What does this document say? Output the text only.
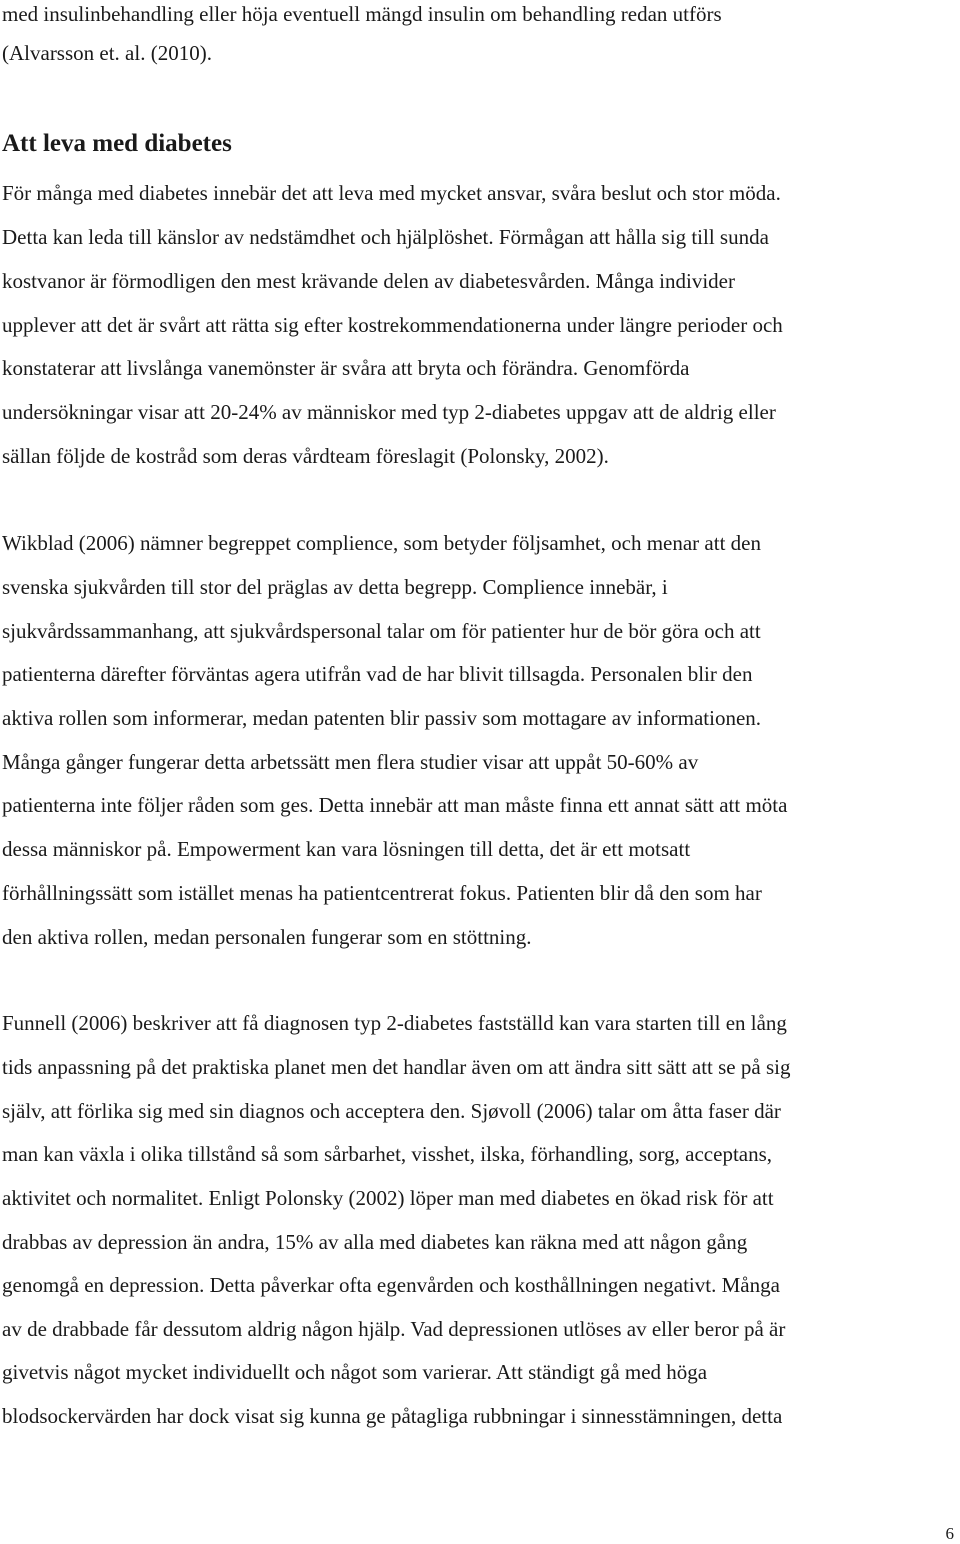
med insulinbehandling eller höja eventuell mängd insulin om behandling redan utförs
(Alvarsson et. al. (2010).
Att leva med diabetes
För många med diabetes innebär det att leva med mycket ansvar, svåra beslut och stor möda.
Detta kan leda till känslor av nedstämdhet och hjälplöshet. Förmågan att hålla sig till sunda
kostvanor är förmodligen den mest krävande delen av diabetesvården. Många individer
upplever att det är svårt att rätta sig efter kostrekommendationerna under längre perioder och
konstaterar att livslånga vanemönster är svåra att bryta och förändra. Genomförda
undersökningar visar att 20-24% av människor med typ 2-diabetes uppgav att de aldrig eller
sällan följde de kostråd som deras vårdteam föreslagit (Polonsky, 2002).
Wikblad (2006) nämner begreppet complience, som betyder följsamhet, och menar att den
svenska sjukvården till stor del präglas av detta begrepp. Complience innebär, i
sjukvårdssammanhang, att sjukvårdspersonal talar om för patienter hur de bör göra och att
patienterna därefter förväntas agera utifrån vad de har blivit tillsagda. Personalen blir den
aktiva rollen som informerar, medan patenten blir passiv som mottagare av informationen.
Många gånger fungerar detta arbetssätt men flera studier visar att uppåt 50-60% av
patienterna inte följer råden som ges. Detta innebär att man måste finna ett annat sätt att möta
dessa människor på. Empowerment kan vara lösningen till detta, det är ett motsatt
förhållningssätt som istället menas ha patientcentrerat fokus. Patienten blir då den som har
den aktiva rollen, medan personalen fungerar som en stöttning.
Funnell (2006) beskriver att få diagnosen typ 2-diabetes fastställd kan vara starten till en lång
tids anpassning på det praktiska planet men det handlar även om att ändra sitt sätt att se på sig
själv, att förlika sig med sin diagnos och acceptera den. Sjøvoll (2006) talar om åtta faser där
man kan växla i olika tillstånd så som sårbarhet, visshet, ilska, förhandling, sorg, acceptans,
aktivitet och normalitet. Enligt Polonsky (2002) löper man med diabetes en ökad risk för att
drabbas av depression än andra, 15% av alla med diabetes kan räkna med att någon gång
genomgå en depression. Detta påverkar ofta egenvården och kosthållningen negativt. Många
av de drabbade får dessutom aldrig någon hjälp. Vad depressionen utlöses av eller beror på är
givetvis något mycket individuellt och något som varierar. Att ständigt gå med höga
blodsockervärden har dock visat sig kunna ge påtagliga rubbningar i sinnesstämningen, detta
6
